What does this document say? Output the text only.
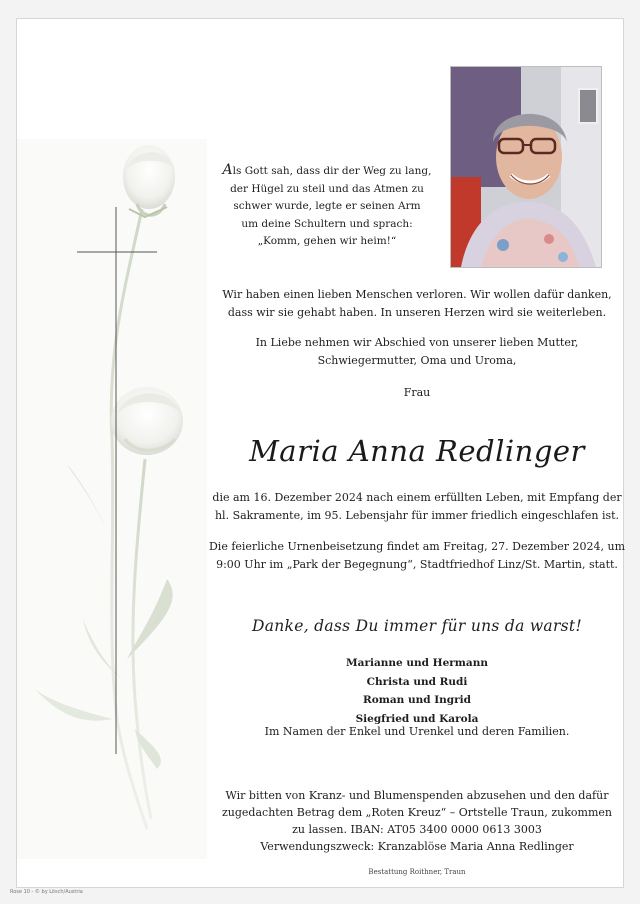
Als Gott sah, dass dir der Weg zu lang,
der Hügel zu steil und das Atmen zu
schwer wurde, legte er seinen Arm
um deine Schultern und sprach:
„Komm, gehen wir heim!“
Wir haben einen lieben Menschen verloren. Wir wollen dafür danken,
dass wir sie gehabt haben. In unseren Herzen wird sie weiterleben.
In Liebe nehmen wir Abschied von unserer lieben Mutter,
Schwiegermutter, Oma und Uroma,
Frau
Maria Anna Redlinger
die am 16. Dezember 2024 nach einem erfüllten Leben, mit Empfang der
hl. Sakramente, im 95. Lebensjahr für immer friedlich eingeschlafen ist.
Die feierliche Urnenbeisetzung findet am Freitag, 27. Dezember 2024, um
9:00 Uhr im „Park der Begegnung“, Stadtfriedhof Linz/St. Martin, statt.
Danke, dass Du immer für uns da warst!
Marianne und Hermann
Christa und Rudi
Roman und Ingrid
Siegfried und Karola
Im Namen der Enkel und Urenkel und deren Familien.
Wir bitten von Kranz- und Blumenspenden abzusehen und den dafür
zugedachten Betrag dem „Roten Kreuz“ – Ortstelle Traun, zukommen
zu lassen. IBAN: AT05 3400 0000 0613 3003
Verwendungszweck: Kranzablöse Maria Anna Redlinger
Bestattung Roithner, Traun
Rose 10 - © by Lösch/Austria
